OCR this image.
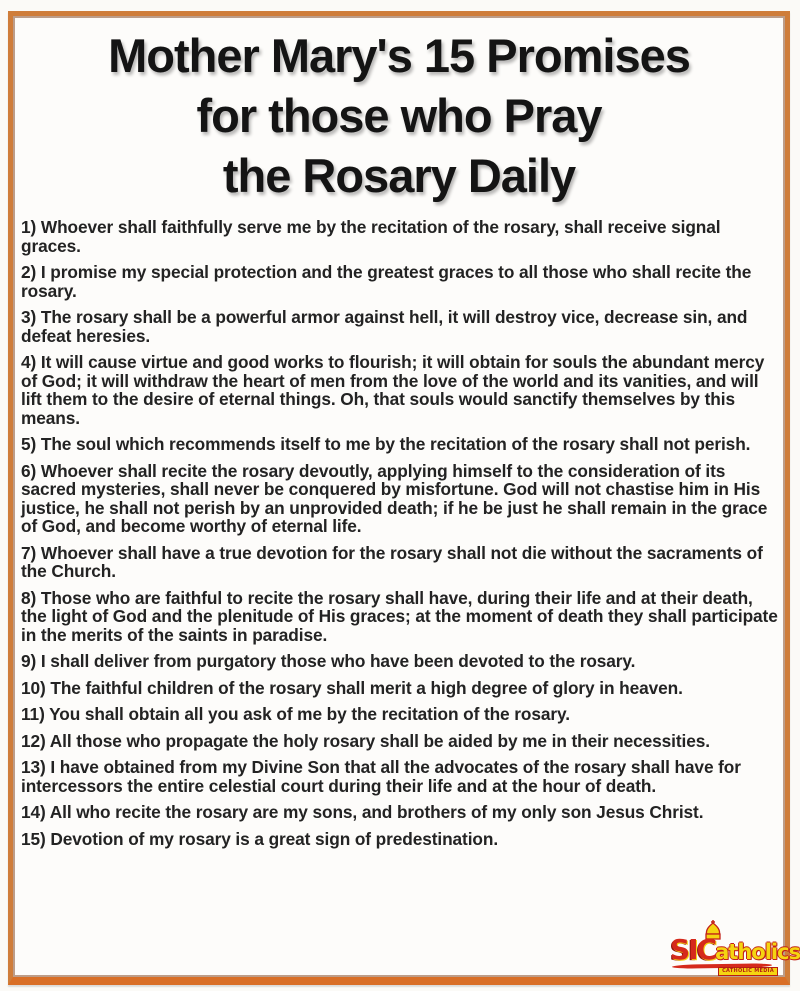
Mother Mary's 15 Promises
for those who Pray
the Rosary Daily

1) Whoever shall faithfully serve me by the recitation of the rosary, shall receive signal graces.

2) I promise my special protection and the greatest graces to all those who shall recite the rosary.

3) The rosary shall be a powerful armor against hell, it will destroy vice, decrease sin, and defeat heresies.

4) It will cause virtue and good works to flourish; it will obtain for souls the abundant mercy of God; it will withdraw the heart of men from the love of the world and its vanities, and will lift them to the desire of eternal things. Oh, that souls would sanctify themselves by this means.

5) The soul which recommends itself to me by the recitation of the rosary shall not perish.

6) Whoever shall recite the rosary devoutly, applying himself to the consideration of its sacred mysteries, shall never be conquered by misfortune. God will not chastise him in His justice, he shall not perish by an unprovided death; if he be just he shall remain in the grace of God, and become worthy of eternal life.

7) Whoever shall have a true devotion for the rosary shall not die without the sacraments of the Church.

8) Those who are faithful to recite the rosary shall have, during their life and at their death, the light of God and the plenitude of His graces; at the moment of death they shall participate in the merits of the saints in paradise.

9) I shall deliver from purgatory those who have been devoted to the rosary.

10) The faithful children of the rosary shall merit a high degree of glory in heaven.

11) You shall obtain all you ask of me by the recitation of the rosary.

12) All those who propagate the holy rosary shall be aided by me in their necessities.

13) I have obtained from my Divine Son that all the advocates of the rosary shall have for intercessors the entire celestial court during their life and at the hour of death.

14) All who recite the rosary are my sons, and brothers of my only son Jesus Christ.

15) Devotion of my rosary is a great sign of predestination.

SICatholics
CATHOLIC MEDIA
